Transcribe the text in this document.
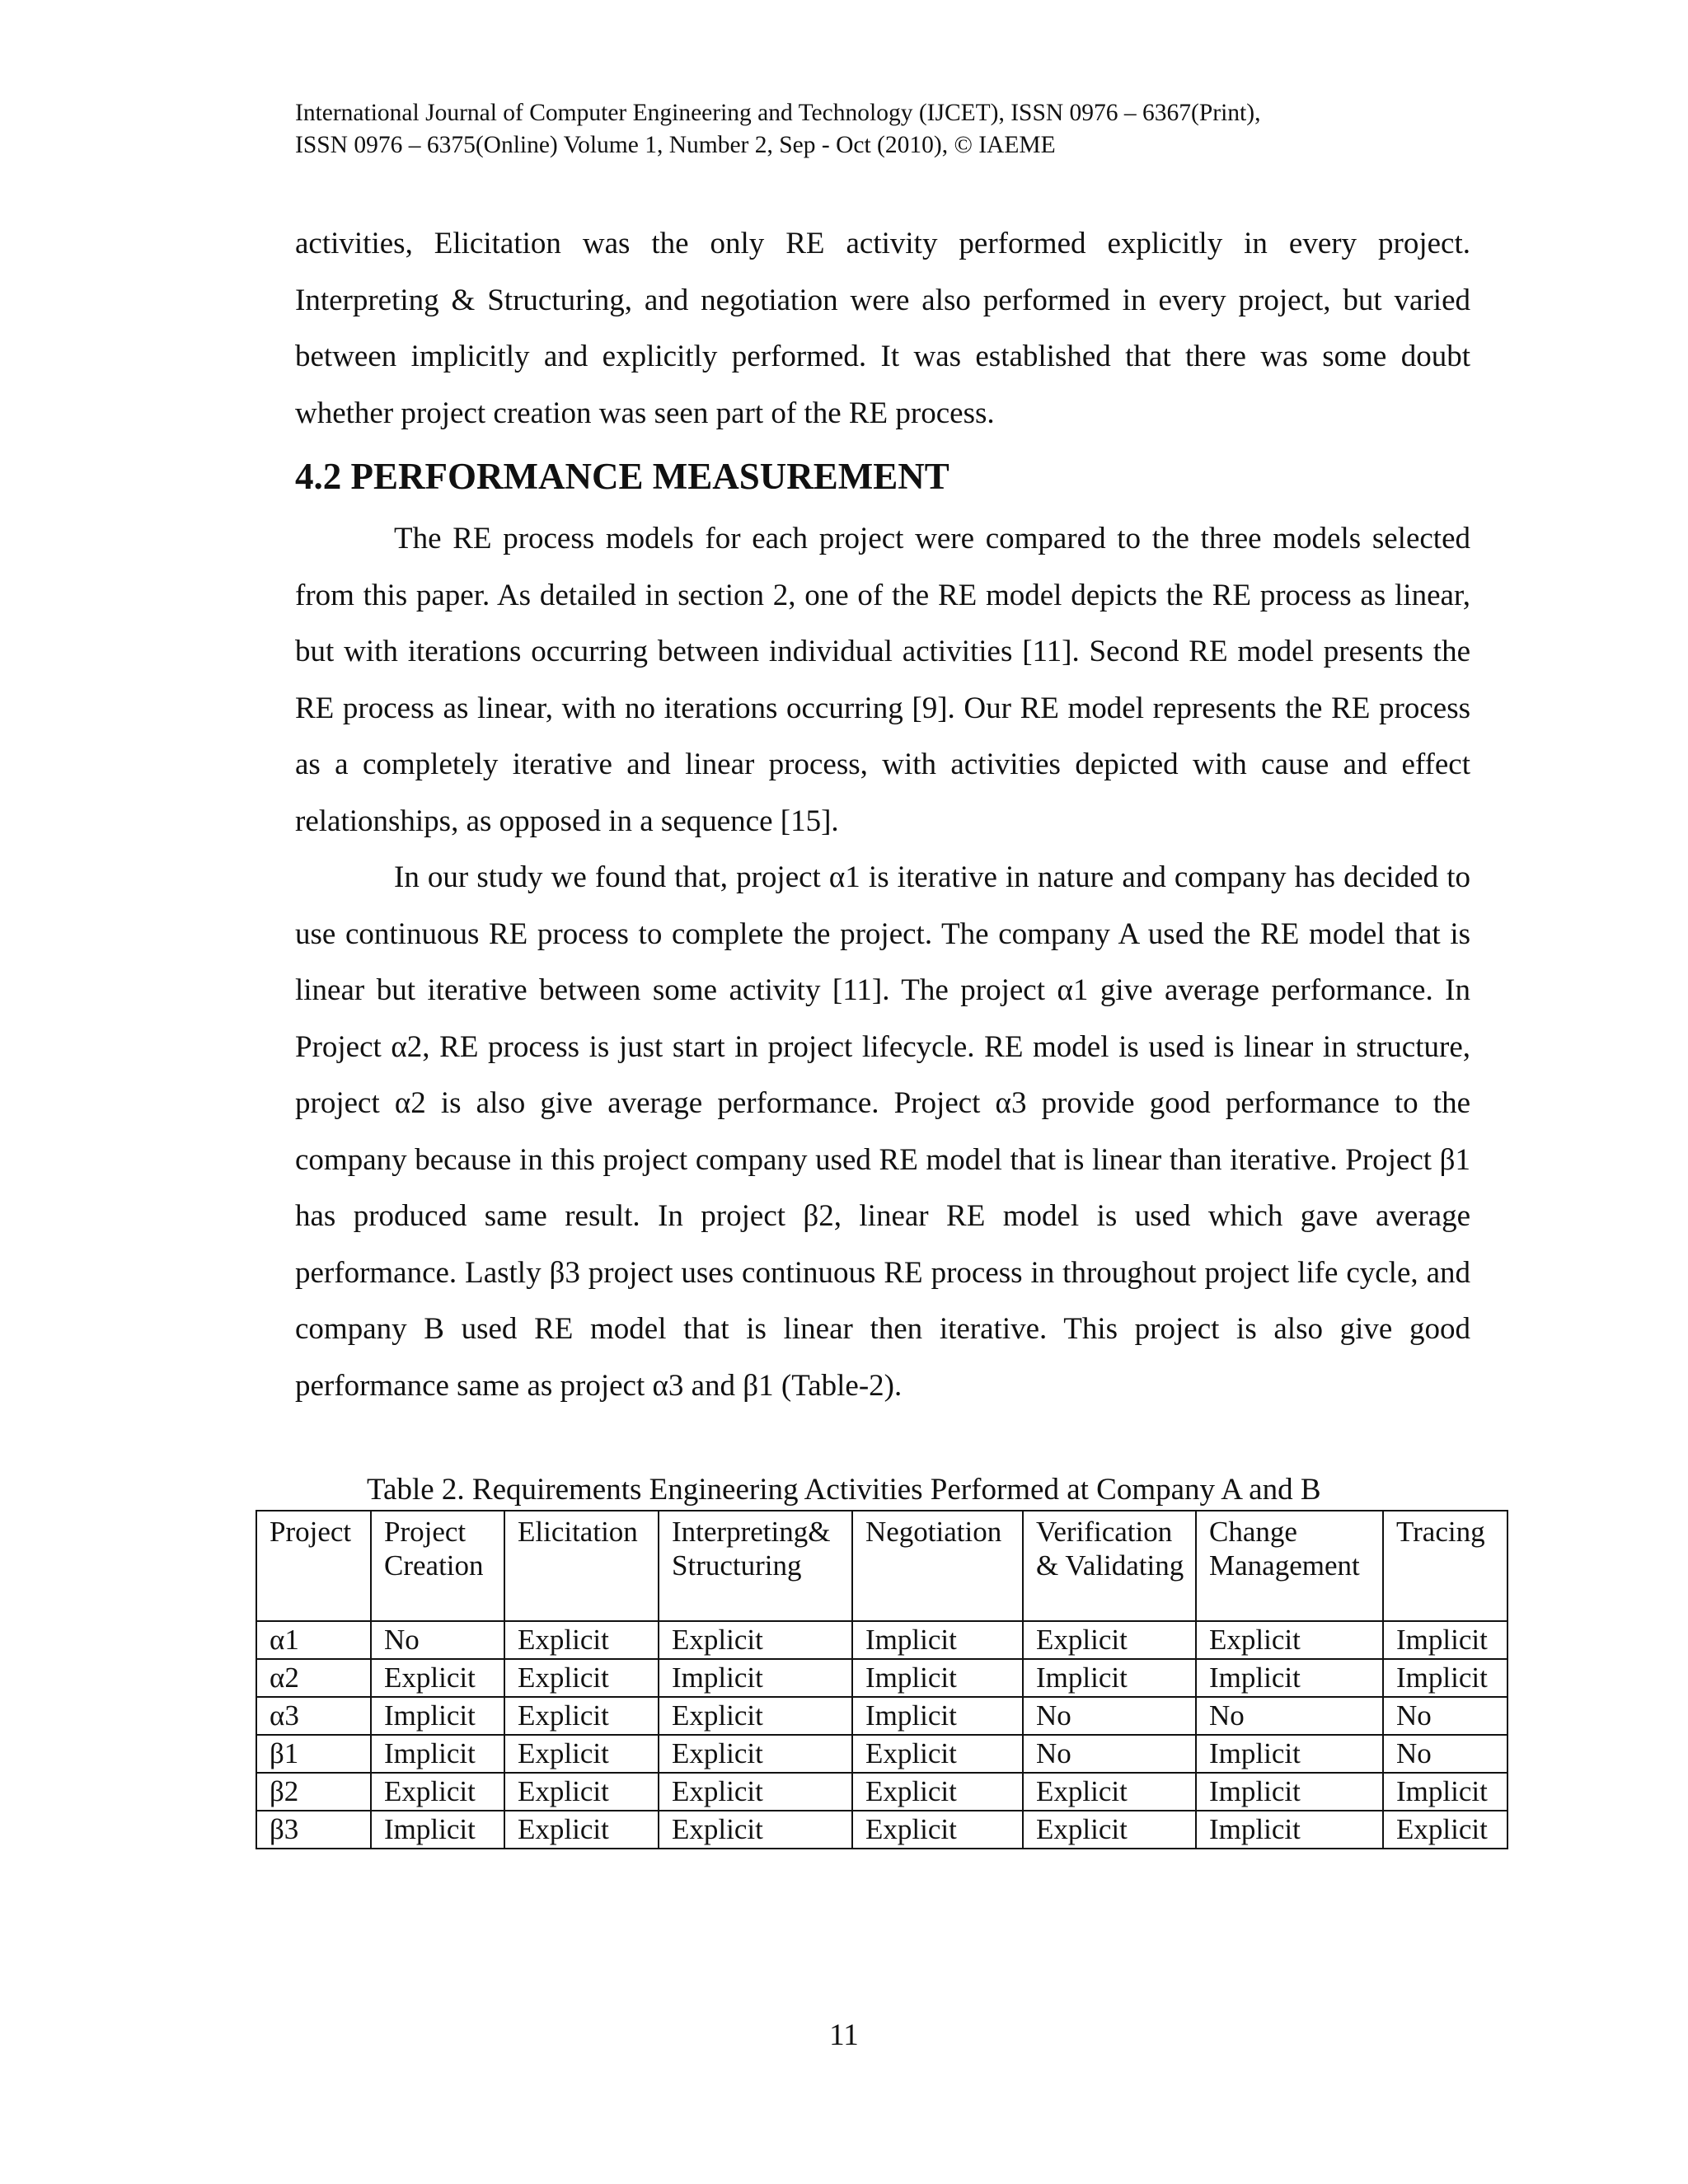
International Journal of Computer Engineering and Technology (IJCET), ISSN 0976 – 6367(Print),
ISSN 0976 – 6375(Online) Volume 1, Number 2, Sep - Oct (2010), © IAEME

activities, Elicitation was the only RE activity performed explicitly in every project. Interpreting & Structuring, and negotiation were also performed in every project, but varied between implicitly and explicitly performed. It was established that there was some doubt whether project creation was seen part of the RE process.

4.2 PERFORMANCE MEASUREMENT

The RE process models for each project were compared to the three models selected from this paper. As detailed in section 2, one of the RE model depicts the RE process as linear, but with iterations occurring between individual activities [11]. Second RE model presents the RE process as linear, with no iterations occurring [9]. Our RE model represents the RE process as a completely iterative and linear process, with activities depicted with cause and effect relationships, as opposed in a sequence [15].

In our study we found that, project α1 is iterative in nature and company has decided to use continuous RE process to complete the project. The company A used the RE model that is linear but iterative between some activity [11]. The project α1 give average performance. In Project α2, RE process is just start in project lifecycle. RE model is used is linear in structure, project α2 is also give average performance. Project α3 provide good performance to the company because in this project company used RE model that is linear than iterative. Project β1 has produced same result. In project β2, linear RE model is used which gave average performance. Lastly β3 project uses continuous RE process in throughout project life cycle, and company B used RE model that is linear then iterative. This project is also give good performance same as project α3 and β1 (Table-2).

Table 2. Requirements Engineering Activities Performed at Company A and B
Project	Project Creation	Elicitation	Interpreting& Structuring	Negotiation	Verification & Validating	Change Management	Tracing
α1	No	Explicit	Explicit	Implicit	Explicit	Explicit	Implicit
α2	Explicit	Explicit	Implicit	Implicit	Implicit	Implicit	Implicit
α3	Implicit	Explicit	Explicit	Implicit	No	No	No
β1	Implicit	Explicit	Explicit	Explicit	No	Implicit	No
β2	Explicit	Explicit	Explicit	Explicit	Explicit	Implicit	Implicit
β3	Implicit	Explicit	Explicit	Explicit	Explicit	Implicit	Explicit
11
